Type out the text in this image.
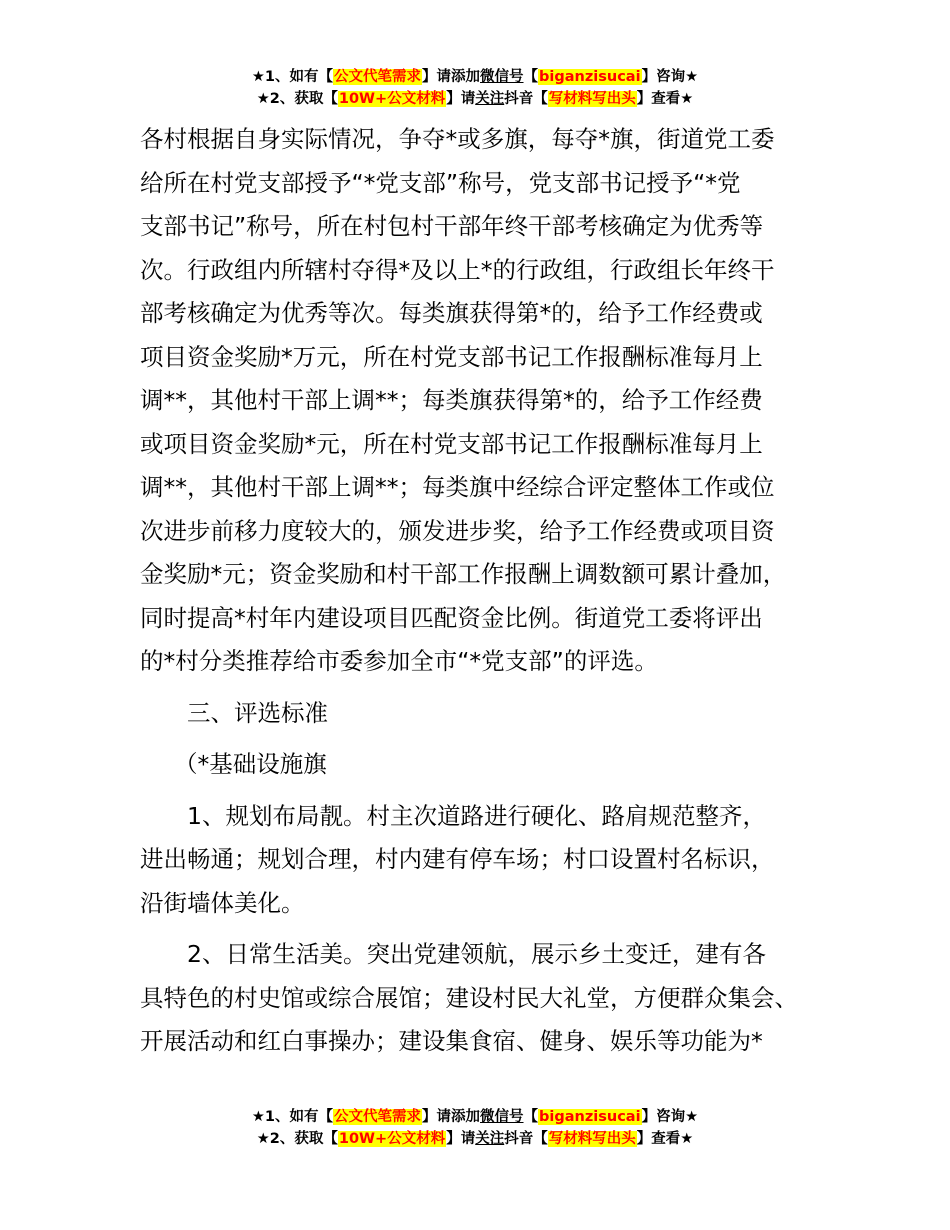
★1、如有【公文代笔需求】请添加微信号【biganzisucai】咨询★
★2、获取【10W+公文材料】请关注抖音【写材料写出头】查看★

各村根据自身实际情况，争夺*或多旗，每夺*旗，街道党工委
给所在村党支部授予“*党支部”称号，党支部书记授予“*党
支部书记”称号，所在村包村干部年终干部考核确定为优秀等
次。行政组内所辖村夺得*及以上*的行政组，行政组长年终干
部考核确定为优秀等次。每类旗获得第*的，给予工作经费或
项目资金奖励*万元，所在村党支部书记工作报酬标准每月上
调**，其他村干部上调**；每类旗获得第*的，给予工作经费
或项目资金奖励*元，所在村党支部书记工作报酬标准每月上
调**，其他村干部上调**；每类旗中经综合评定整体工作或位
次进步前移力度较大的，颁发进步奖，给予工作经费或项目资
金奖励*元；资金奖励和村干部工作报酬上调数额可累计叠加，
同时提高*村年内建设项目匹配资金比例。街道党工委将评出
的*村分类推荐给市委参加全市“*党支部”的评选。

三、评选标准

（*基础设施旗

1、规划布局靓。村主次道路进行硬化、路肩规范整齐，
进出畅通；规划合理，村内建有停车场；村口设置村名标识，
沿街墙体美化。

2、日常生活美。突出党建领航，展示乡土变迁，建有各
具特色的村史馆或综合展馆；建设村民大礼堂，方便群众集会、
开展活动和红白事操办；建设集食宿、健身、娱乐等功能为*

★1、如有【公文代笔需求】请添加微信号【biganzisucai】咨询★
★2、获取【10W+公文材料】请关注抖音【写材料写出头】查看★
